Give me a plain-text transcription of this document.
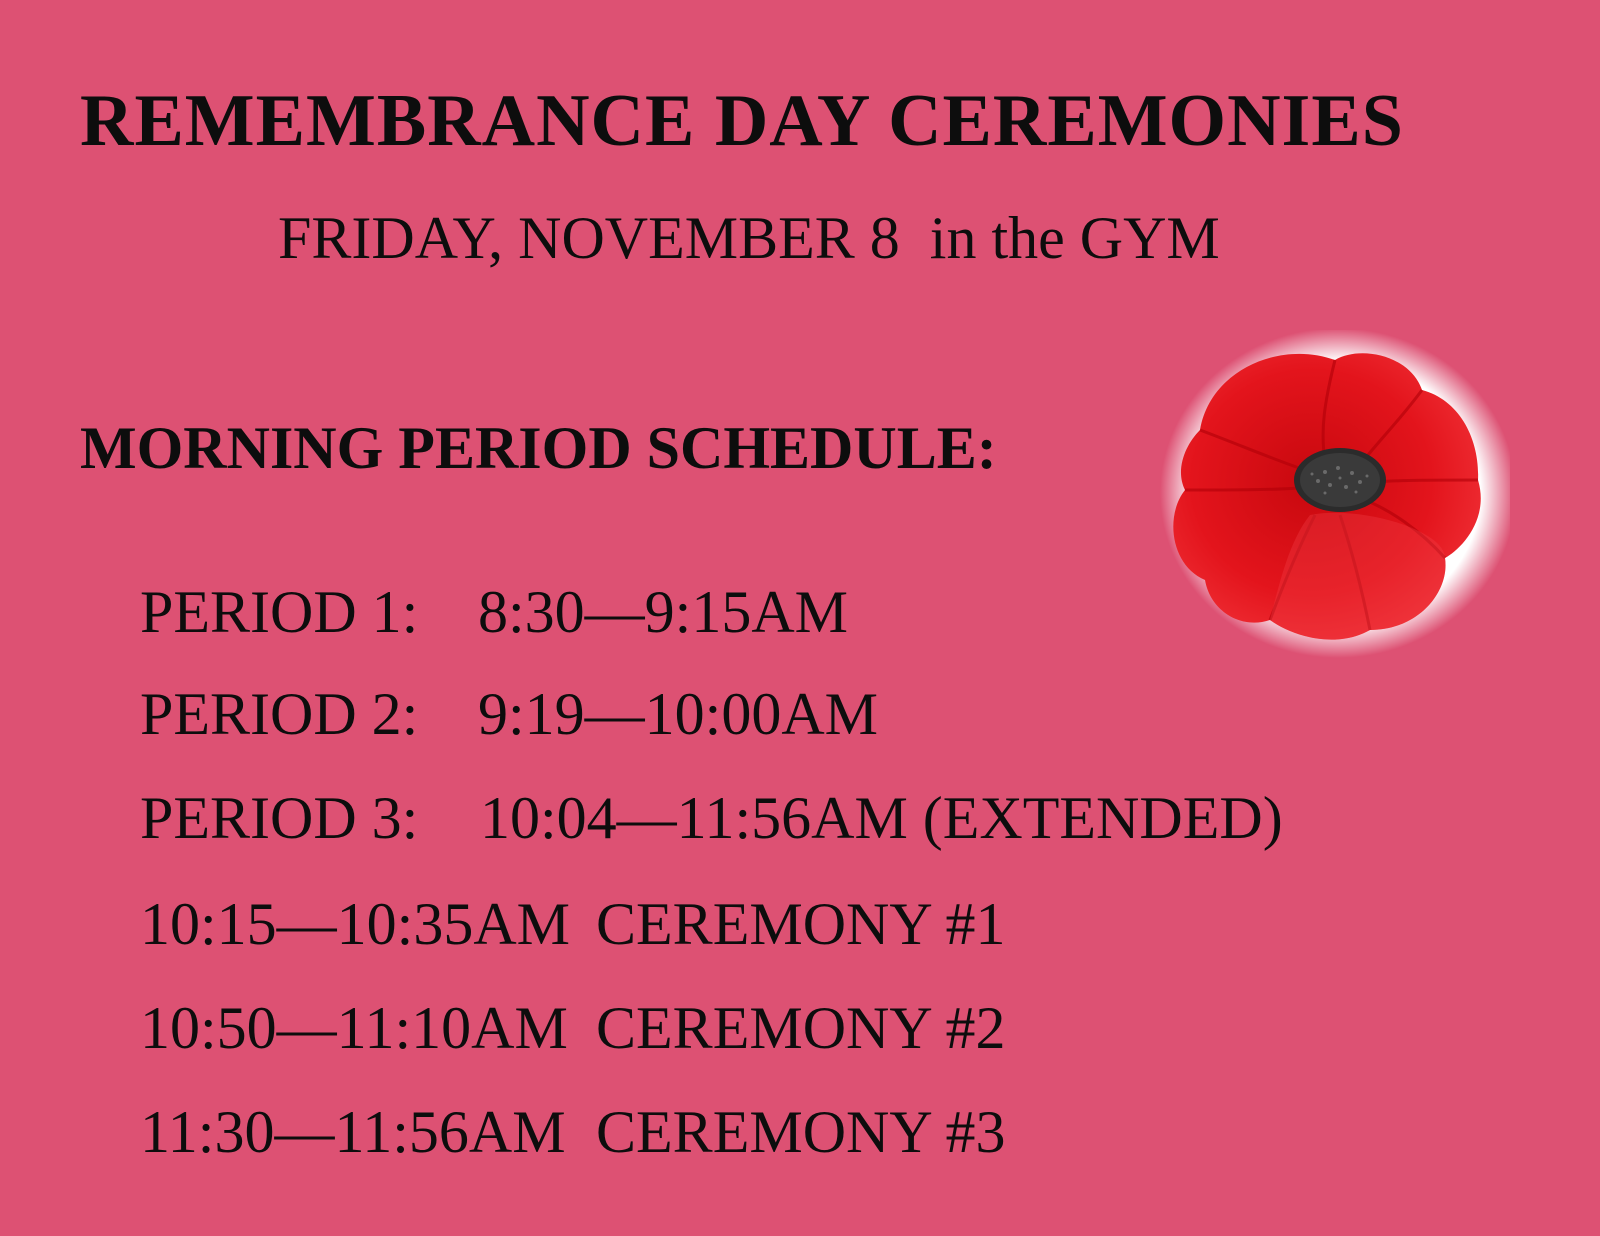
REMEMBRANCE DAY CEREMONIES
FRIDAY, NOVEMBER 8  in the GYM
MORNING PERIOD SCHEDULE:

PERIOD 1: 8:30—9:15AM

PERIOD 2: 9:19—10:00AM

PERIOD 3: 10:04—11:56AM (EXTENDED)

10:15—10:35AM CEREMONY #1

10:50—11:10AM CEREMONY #2

11:30—11:56AM CEREMONY #3
